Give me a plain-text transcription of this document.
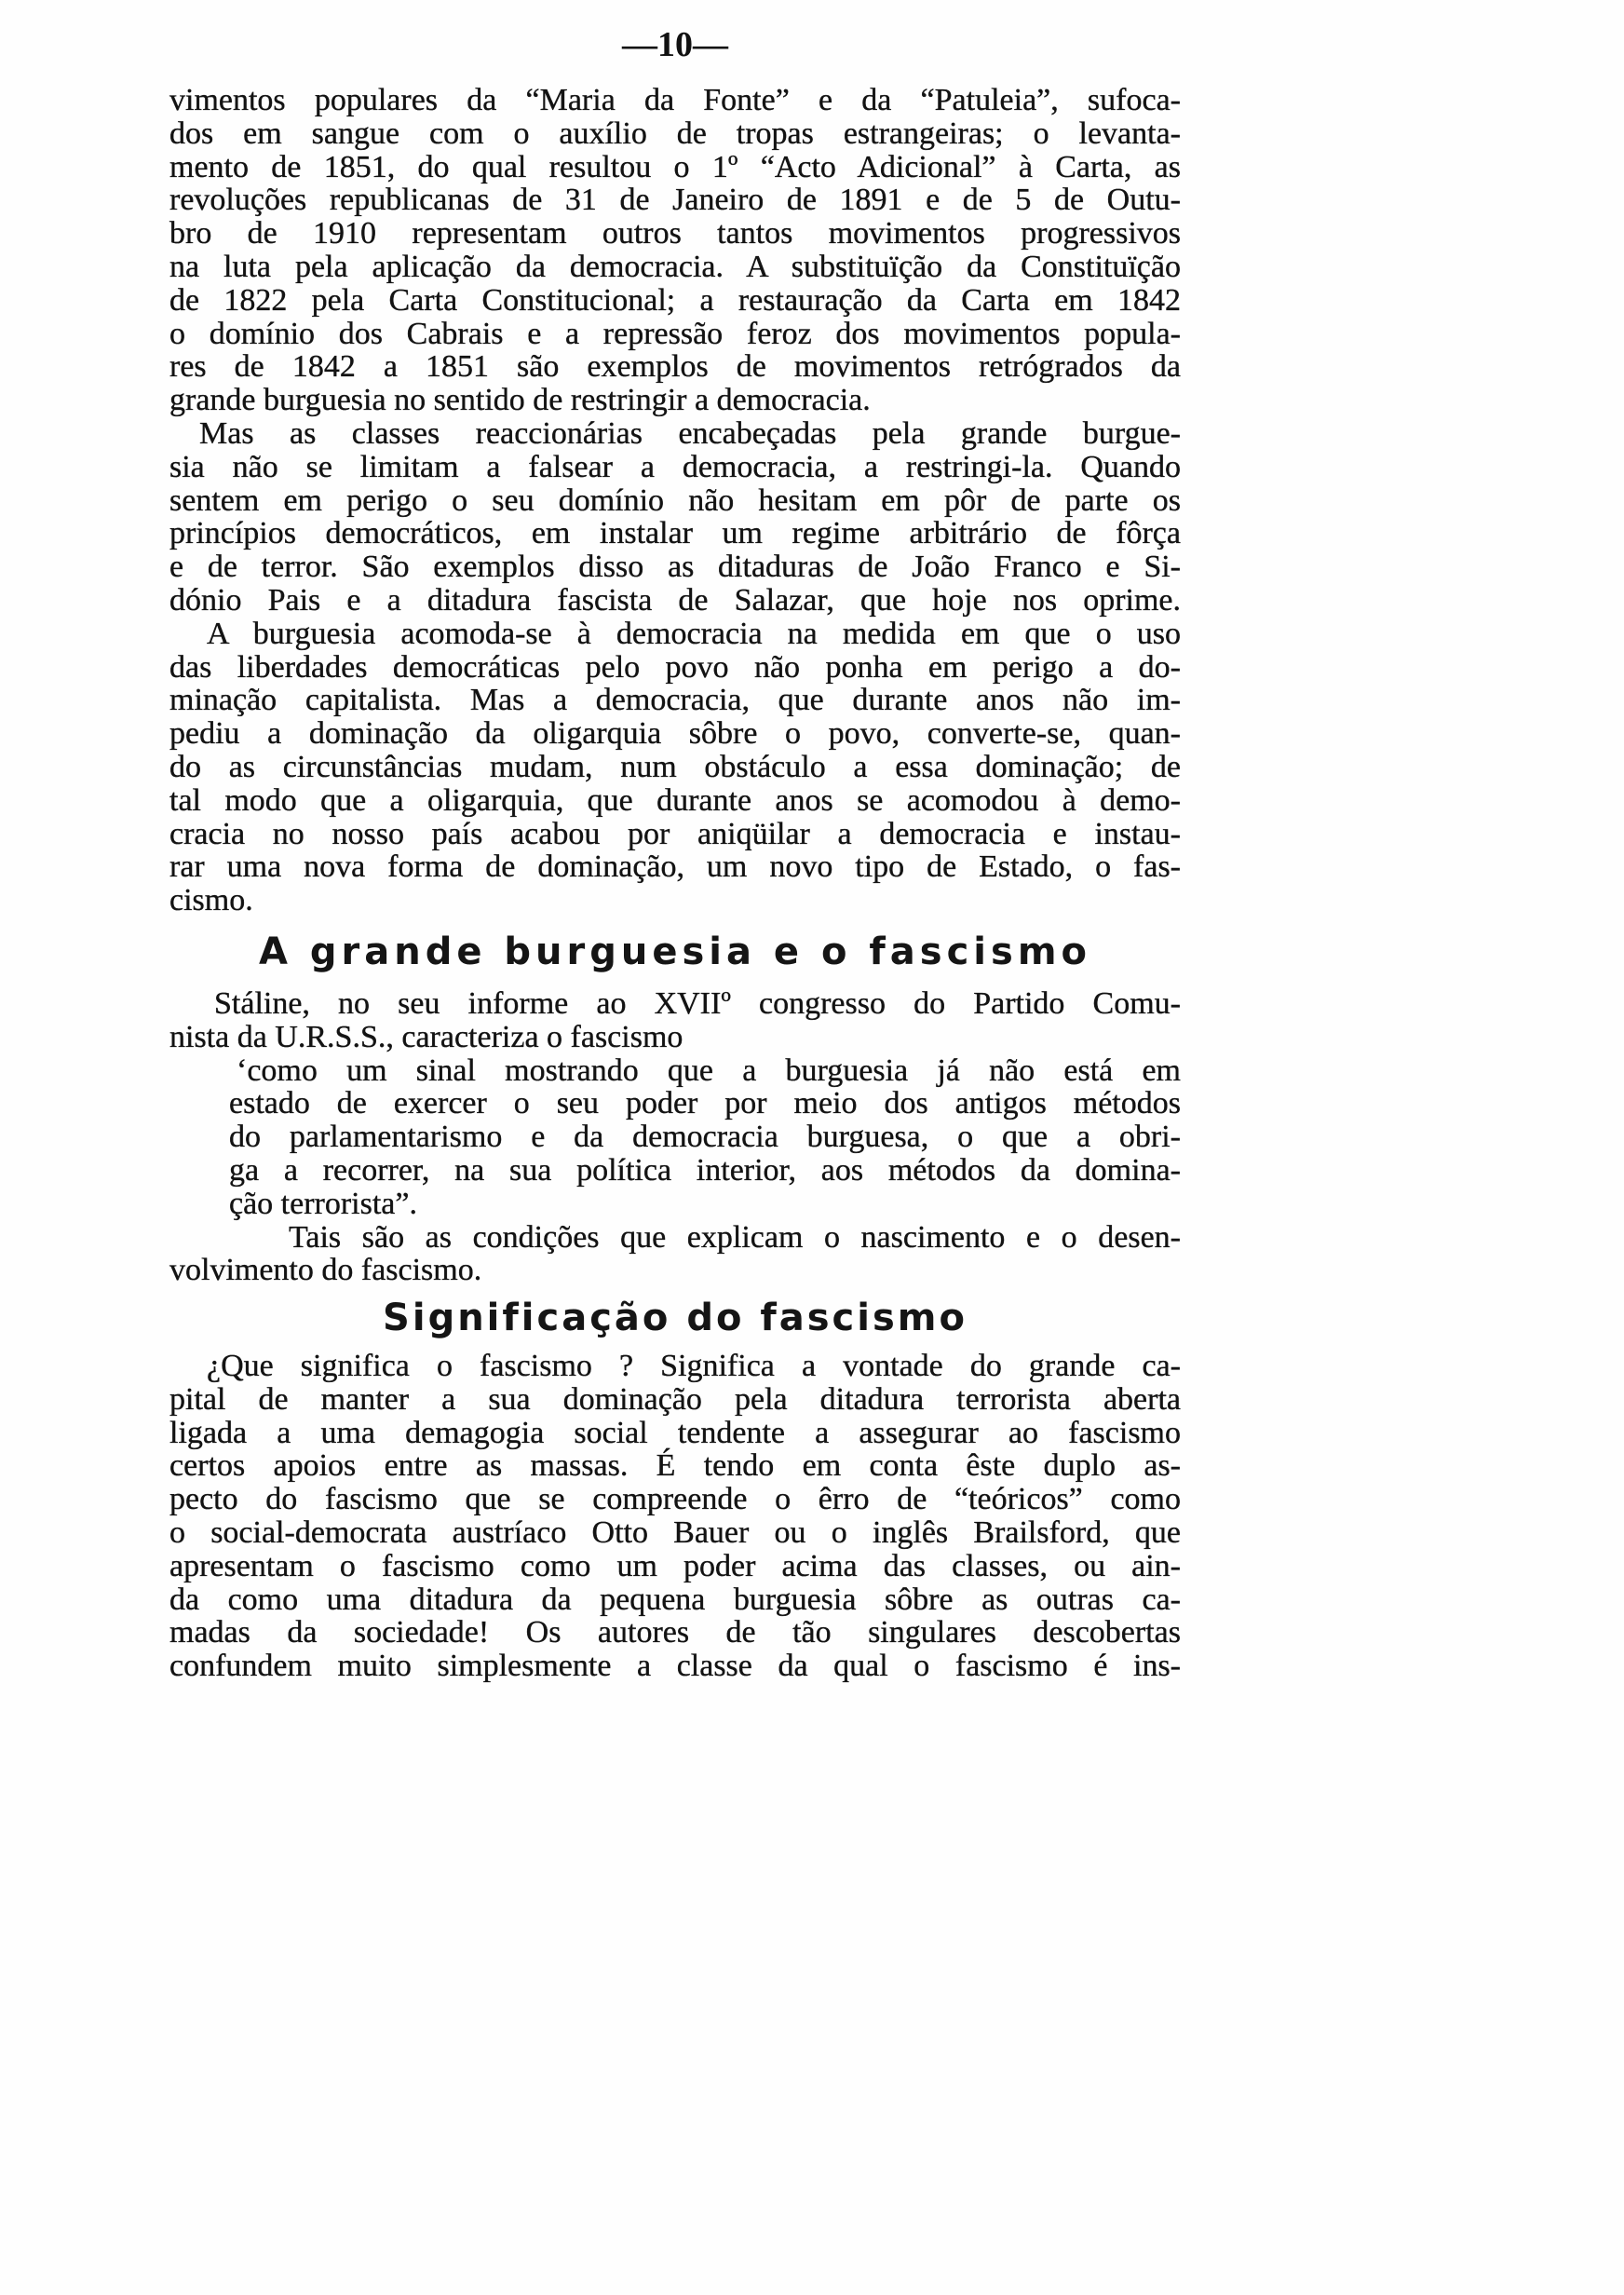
—10—
vimentos populares da “Maria da Fonte” e da “Patuleia”, sufoca-
dos em sangue com o auxílio de tropas estrangeiras; o levanta-
mento de 1851, do qual resultou o 1º “Acto Adicional” à Carta, as
revoluções republicanas de 31 de Janeiro de 1891 e de 5 de Outu-
bro de 1910 representam outros tantos movimentos progressivos
na luta pela aplicação da democracia. A substituïção da Constituïção
de 1822 pela Carta Constitucional; a restauração da Carta em 1842
o domínio dos Cabrais e a repressão feroz dos movimentos popula-
res de 1842 a 1851 são exemplos de movimentos retrógrados da
grande burguesia no sentido de restringir a democracia.
Mas as classes reaccionárias encabeçadas pela grande burgue-
sia não se limitam a falsear a democracia, a restringi-la. Quando
sentem em perigo o seu domínio não hesitam em pôr de parte os
princípios democráticos, em instalar um regime arbitrário de fôrça
e de terror. São exemplos disso as ditaduras de João Franco e Si-
dónio Pais e a ditadura fascista de Salazar, que hoje nos oprime.
A burguesia acomoda-se à democracia na medida em que o uso
das liberdades democráticas pelo povo não ponha em perigo a do-
minação capitalista. Mas a democracia, que durante anos não im-
pediu a dominação da oligarquia sôbre o povo, converte-se, quan-
do as circunstâncias mudam, num obstáculo a essa dominação; de
tal modo que a oligarquia, que durante anos se acomodou à demo-
cracia no nosso país acabou por aniqüilar a democracia e instau-
rar uma nova forma de dominação, um novo tipo de Estado, o fas-
cismo.
A grande burguesia e o fascismo
Stáline, no seu informe ao XVIIº congresso do Partido Comu-
nista da U.R.S.S., caracteriza o fascismo
‘como um sinal mostrando que a burguesia já não está em
estado de exercer o seu poder por meio dos antigos métodos
do parlamentarismo e da democracia burguesa, o que a obri-
ga a recorrer, na sua política interior, aos métodos da domina-
ção terrorista”.
Tais são as condições que explicam o nascimento e o desen-
volvimento do fascismo.
Significação do fascismo
¿Que significa o fascismo ? Significa a vontade do grande ca-
pital de manter a sua dominação pela ditadura terrorista aberta
ligada a uma demagogia social tendente a assegurar ao fascismo
certos apoios entre as massas. É tendo em conta êste duplo as-
pecto do fascismo que se compreende o êrro de “teóricos” como
o social-democrata austríaco Otto Bauer ou o inglês Brailsford, que
apresentam o fascismo como um poder acima das classes, ou ain-
da como uma ditadura da pequena burguesia sôbre as outras ca-
madas da sociedade! Os autores de tão singulares descobertas
confundem muito simplesmente a classe da qual o fascismo é ins-
